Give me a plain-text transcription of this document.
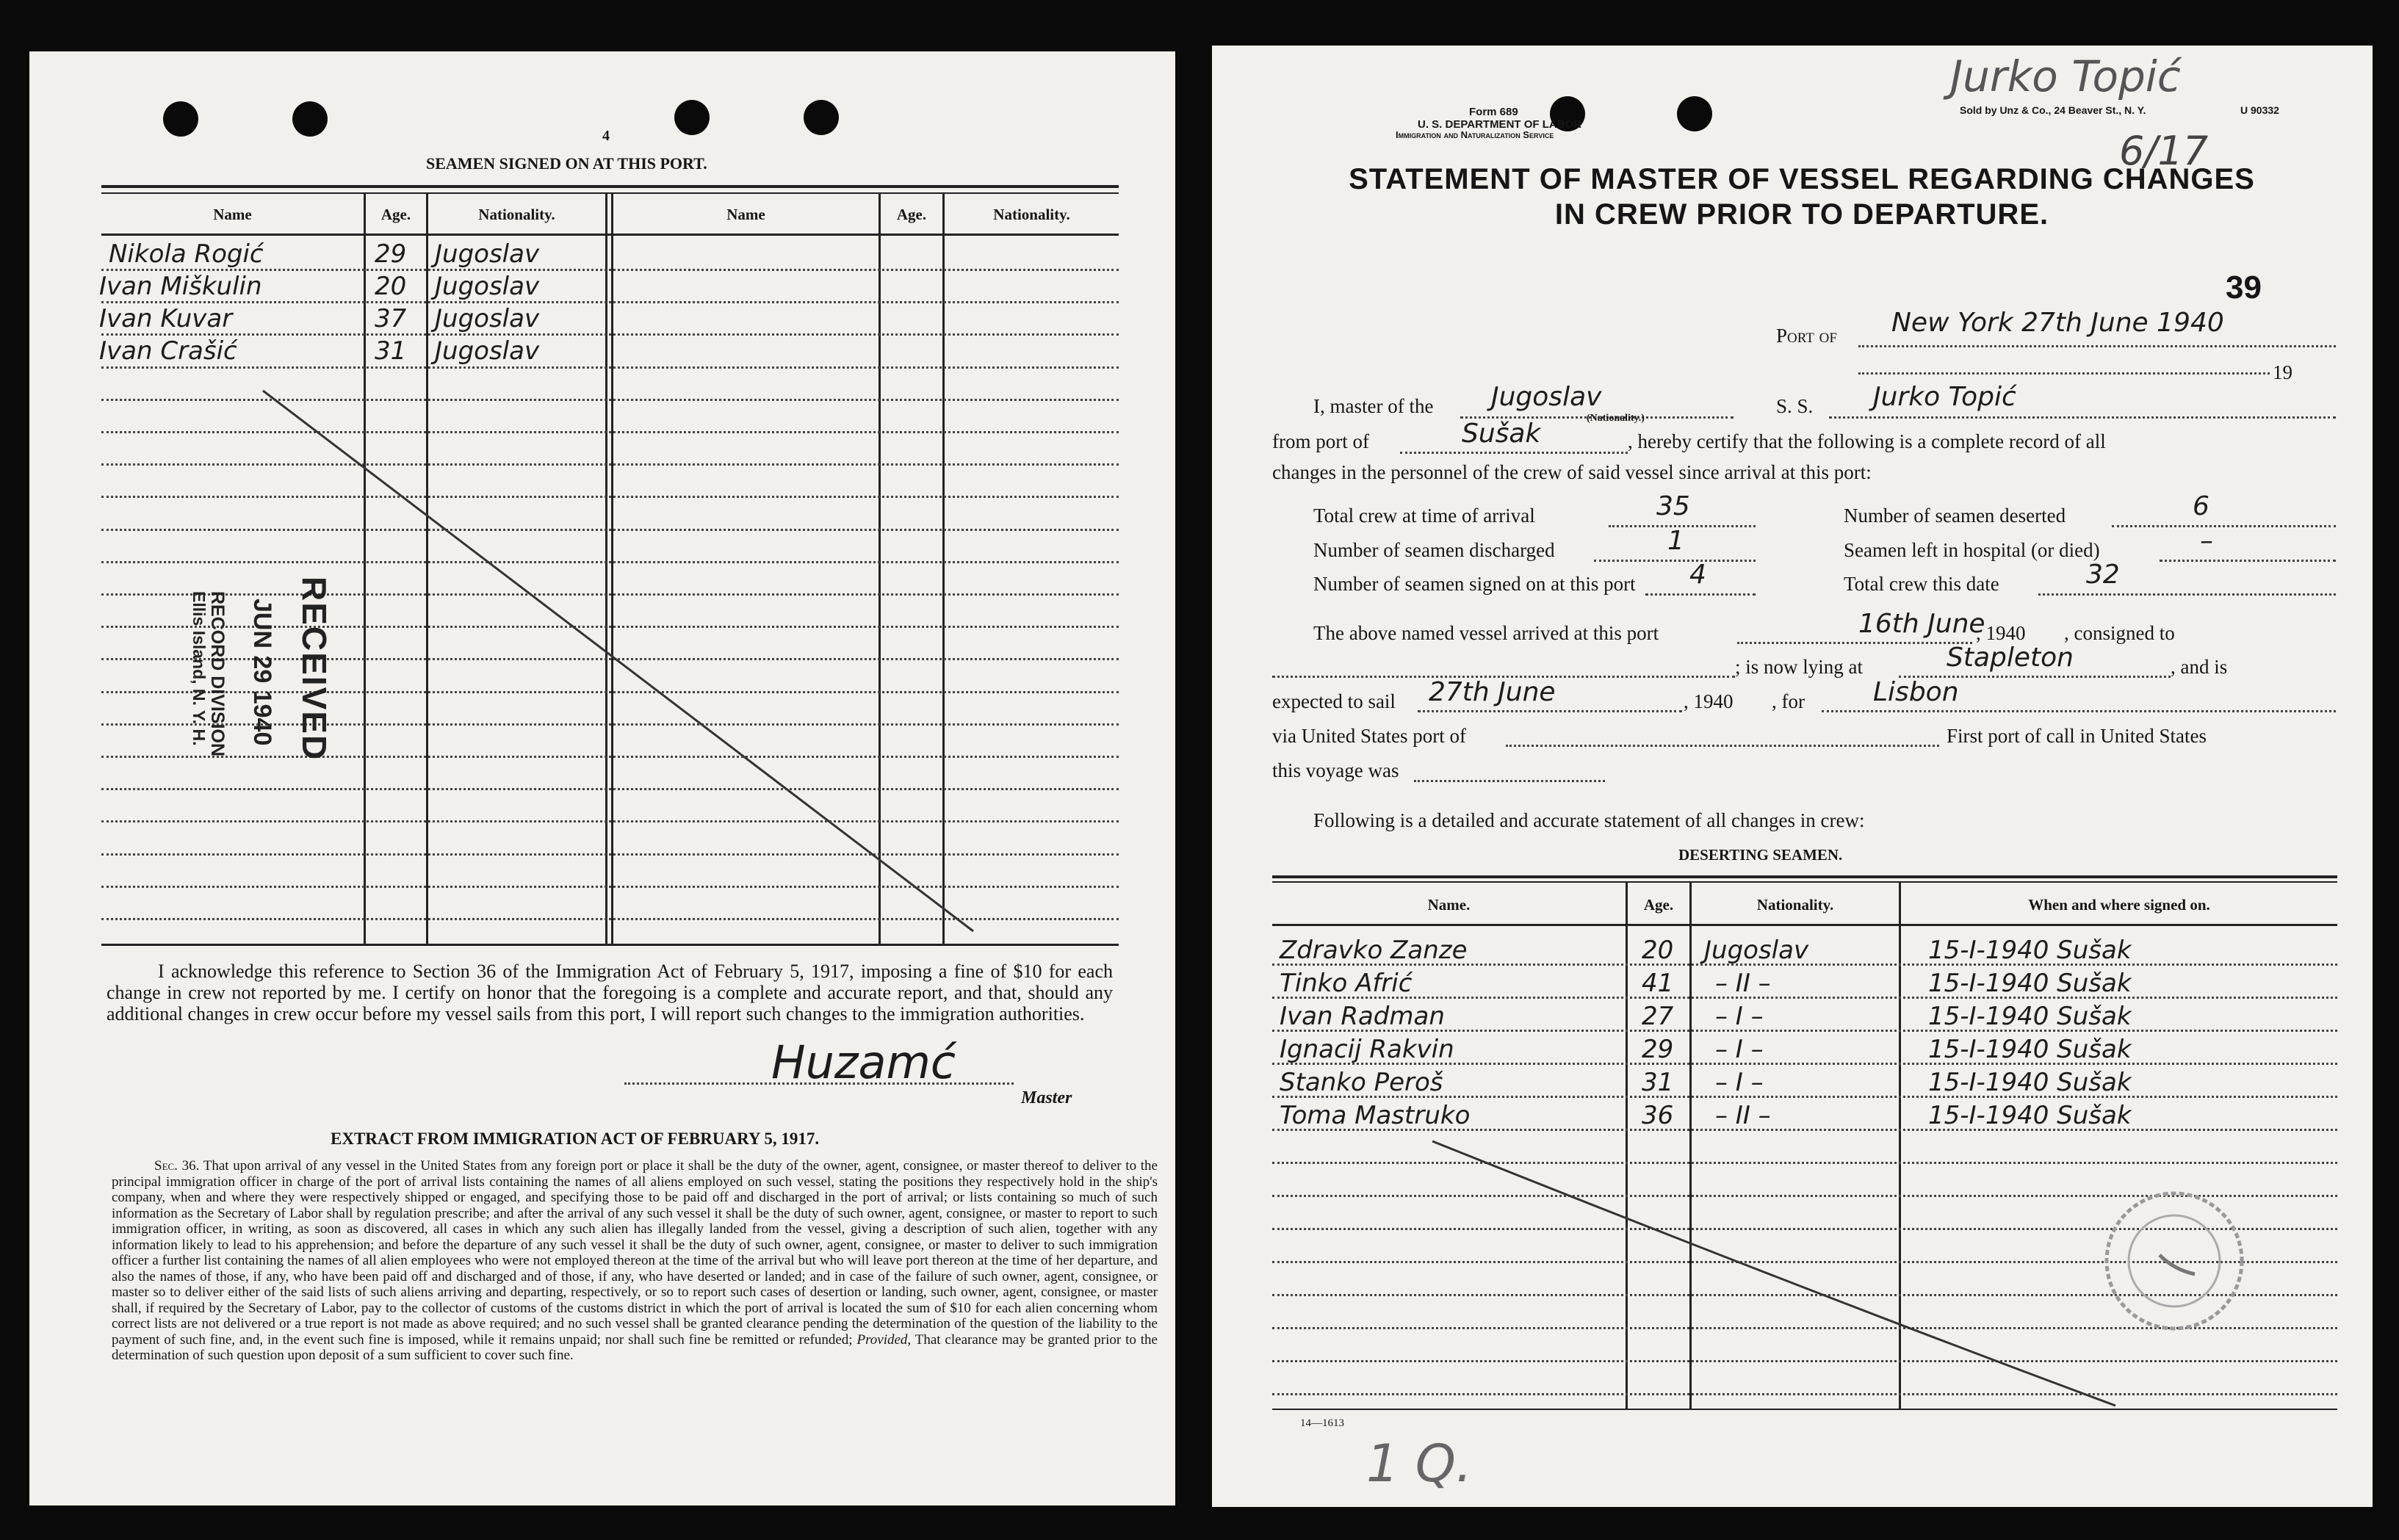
4
SEAMEN SIGNED ON AT THIS PORT.
Name	Age.	Nationality.	Name	Age.	Nationality.
Nikola Rogić	29 Jugoslav
Ivan Miškulin	20 Jugoslav
Ivan Kuvar	37 Jugoslav
Ivan Crašić	31 Jugoslav
RECEIVED
JUN 29 1940
RECORD DIVISION
Ellis Island, N. Y. H.
I acknowledge this reference to Section 36 of the Immigration Act of February 5, 1917, imposing a fine of $10 for each change in crew not reported by me. I certify on honor that the foregoing is a complete and accurate report, and that, should any additional changes in crew occur before my vessel sails from this port, I will report such changes to the immigration authorities.
Huzamć
Master
EXTRACT FROM IMMIGRATION ACT OF FEBRUARY 5, 1917.
Sec. 36. That upon arrival of any vessel in the United States from any foreign port or place it shall be the duty of the owner, agent, consignee, or master thereof to deliver to the principal immigration officer in charge of the port of arrival lists containing the names of all aliens employed on such vessel, stating the positions they respectively hold in the ship's company, when and where they were respectively shipped or engaged, and specifying those to be paid off and discharged in the port of arrival; or lists containing so much of such information as the Secretary of Labor shall by regulation prescribe; and after the arrival of any such vessel it shall be the duty of such owner, agent, consignee, or master to report to such immigration officer, in writing, as soon as discovered, all cases in which any such alien has illegally landed from the vessel, giving a description of such alien, together with any information likely to lead to his apprehension; and before the departure of any such vessel it shall be the duty of such owner, agent, consignee, or master to deliver to such immigration officer a further list containing the names of all alien employees who were not employed thereon at the time of the arrival but who will leave port thereon at the time of her departure, and also the names of those, if any, who have been paid off and discharged and of those, if any, who have deserted or landed; and in case of the failure of such owner, agent, consignee, or master so to deliver either of the said lists of such aliens arriving and departing, respectively, or so to report such cases of desertion or landing, such owner, agent, consignee, or master shall, if required by the Secretary of Labor, pay to the collector of customs of the customs district in which the port of arrival is located the sum of $10 for each alien concerning whom correct lists are not delivered or a true report is not made as above required; and no such vessel shall be granted clearance pending the determination of the question of the liability to the payment of such fine, and, in the event such fine is imposed, while it remains unpaid; nor shall such fine be remitted or refunded; Provided, That clearance may be granted prior to the determination of such question upon deposit of a sum sufficient to cover such fine.
Form 689
U. S. DEPARTMENT OF LABOR
Immigration and Naturalization Service
Jurko Topić
Sold by Unz & Co., 24 Beaver St., N. Y.	U 90332
6/17
STATEMENT OF MASTER OF VESSEL REGARDING CHANGES
IN CREW PRIOR TO DEPARTURE.
39
Port of New York 27th June 1940
19
I, master of the Jugoslav
(Nationality.)
S. S. Jurko Topić
from port of	Sušak	, hereby certify that the following is a complete record of all
changes in the personnel of the crew of said vessel since arrival at this port:
Total crew at time of arrival	35	Number of seamen deserted	6
Number of seamen discharged	1	Seamen left in hospital (or died)	–
Number of seamen signed on at this port 4	Total crew this date	32
The above named vessel arrived at this port	16th June
, 1940 , consigned to
; is now lying at	Stapleton	, and is
expected to sail 27th June	, 1940 , for	Lisbon
via United States port of	First port of call in United States
this voyage was
Following is a detailed and accurate statement of all changes in crew:
DESERTING SEAMEN.
Name.	Age.	Nationality.	When and where signed on.
Zdravko Zanze	20 Jugoslav	15-I-1940 Sušak
Tinko Afrić	41 – II –	15-I-1940 Sušak
Ivan Radman	27 – I –	15-I-1940 Sušak
Ignacij Rakvin	29 – I –	15-I-1940 Sušak
Stanko Peroš	31 – I –	15-I-1940 Sušak
Toma Mastruko	36 – II –	15-I-1940 Sušak
14—1613
1 Q.
